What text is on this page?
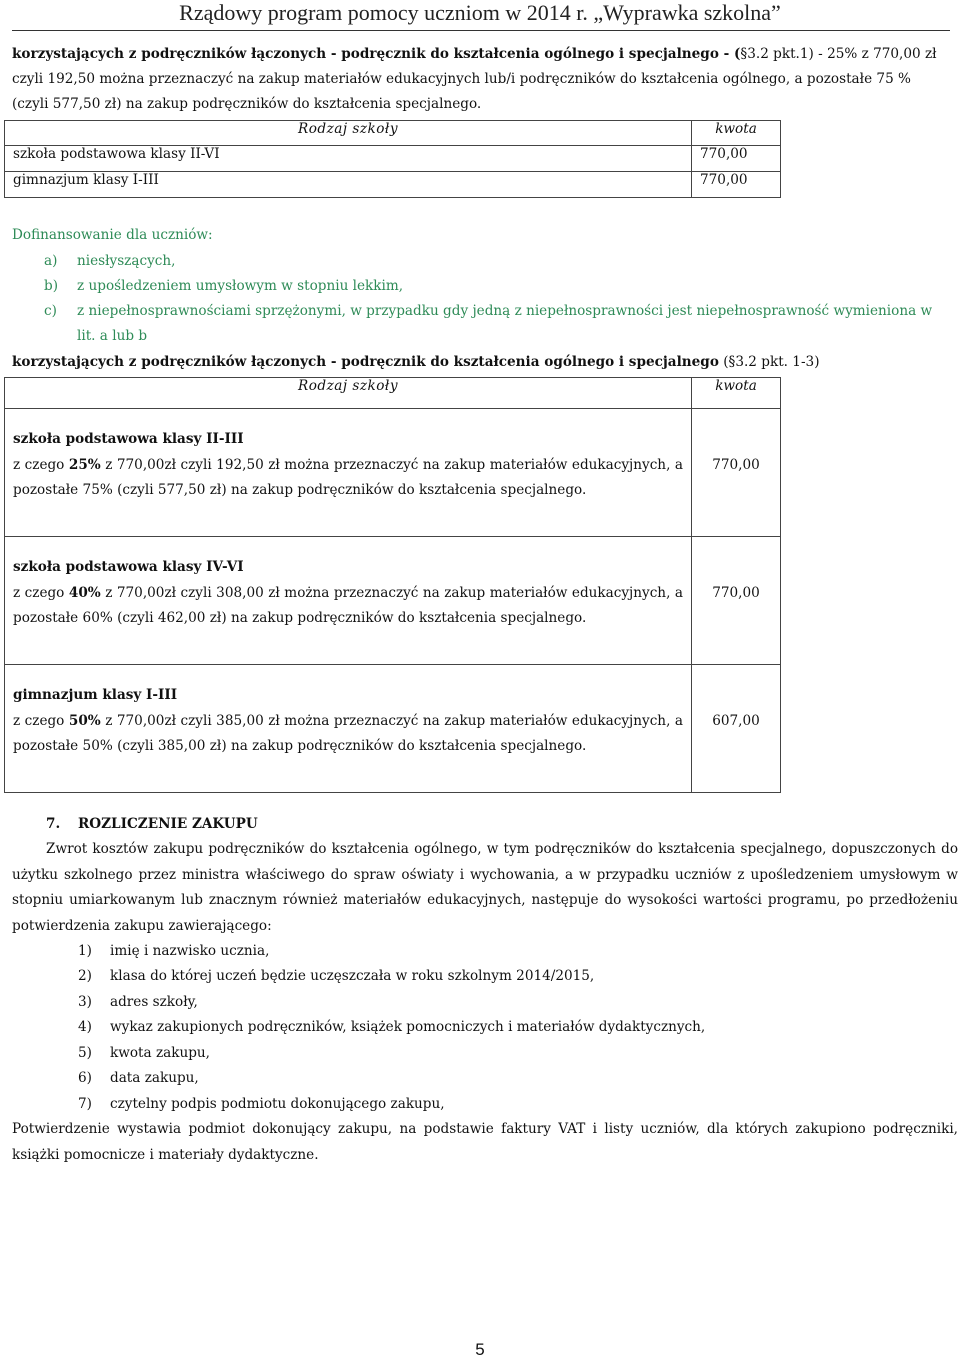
Rządowy program pomocy uczniom w 2014 r. „Wyprawka szkolna”
korzystających z podręczników łączonych - podręcznik do kształcenia ogólnego i specjalnego - (§3.2 pkt.1) - 25% z 770,00 zł
czyli 192,50 można przeznaczyć na zakup materiałów edukacyjnych lub/i podręczników do kształcenia ogólnego, a pozostałe 75 %
(czyli 577,50 zł) na zakup podręczników do kształcenia specjalnego.
Rodzaj szkoły	kwota
szkoła podstawowa klasy II-VI	770,00
gimnazjum klasy I-III	770,00
Dofinansowanie dla uczniów:
a) niesłyszących,
b) z upośledzeniem umysłowym w stopniu lekkim,
c) z niepełnosprawnościami sprzężonymi, w przypadku gdy jedną z niepełnosprawności jest niepełnosprawność wymieniona w
lit. a lub b
korzystających z podręczników łączonych - podręcznik do kształcenia ogólnego i specjalnego (§3.2 pkt. 1-3)
Rodzaj szkoły	kwota

szkoła podstawowa klasy II-III
z czego 25% z 770,00zł czyli 192,50 zł można przeznaczyć na zakup materiałów edukacyjnych, a pozostałe 75% (czyli 577,50 zł) na zakup podręczników do kształcenia specjalnego.	770,00

szkoła podstawowa klasy IV-VI
z czego 40% z 770,00zł czyli 308,00 zł można przeznaczyć na zakup materiałów edukacyjnych, a pozostałe 60% (czyli 462,00 zł) na zakup podręczników do kształcenia specjalnego.	770,00

gimnazjum klasy I-III
z czego 50% z 770,00zł czyli 385,00 zł można przeznaczyć na zakup materiałów edukacyjnych, a pozostałe 50% (czyli 385,00 zł) na zakup podręczników do kształcenia specjalnego.	607,00
7. ROZLICZENIE ZAKUPU
Zwrot kosztów zakupu podręczników do kształcenia ogólnego, w tym podręczników do kształcenia specjalnego, dopuszczonych do użytku szkolnego przez ministra właściwego do spraw oświaty i wychowania, a w przypadku uczniów z upośledzeniem umysłowym w stopniu umiarkowanym lub znacznym również materiałów edukacyjnych, następuje do wysokości wartości programu, po przedłożeniu potwierdzenia zakupu zawierającego:
1) imię i nazwisko ucznia,
2) klasa do której uczeń będzie uczęszczała w roku szkolnym 2014/2015,
3) adres szkoły,
4) wykaz zakupionych podręczników, książek pomocniczych i materiałów dydaktycznych,
5) kwota zakupu,
6) data zakupu,
7) czytelny podpis podmiotu dokonującego zakupu,
Potwierdzenie wystawia podmiot dokonujący zakupu, na podstawie faktury VAT i listy uczniów, dla których zakupiono podręczniki, książki pomocnicze i materiały dydaktyczne.
5
